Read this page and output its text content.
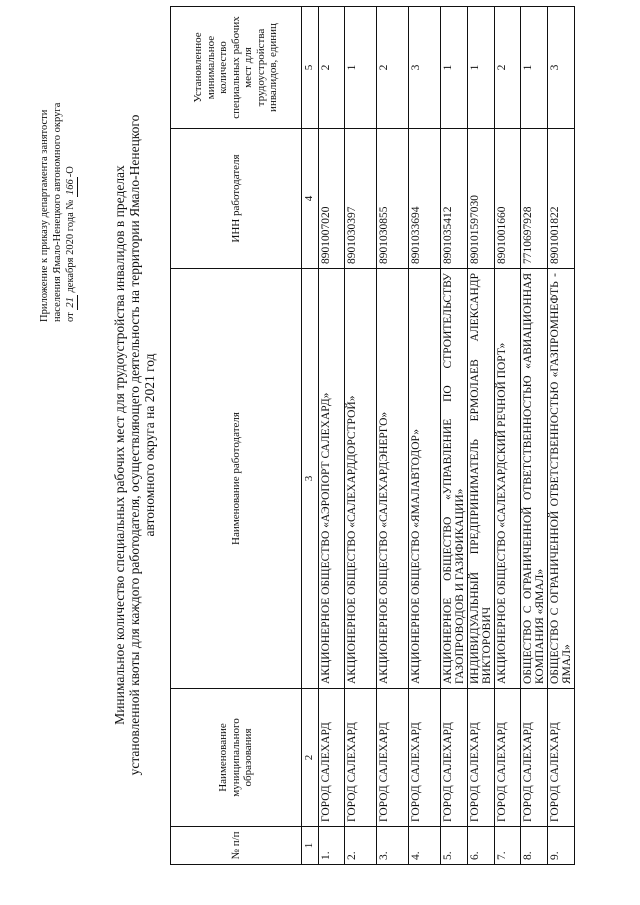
Приложение к приказу департамента занятости населения Ямало-Ненецкого автономного округа от 21 декабря 2020 года № 166-О	Минимальное количество специальных рабочих мест для трудоустройства инвалидов в пределах установленной квоты для каждого работодателя, осуществляющего деятельность на территории Ямало-Ненецкого автономного округа на 2021 год
№ п/п	Наименование муниципального образования	Наименование работодателя	ИНН работодателя	Установленное минимальное количество специальных рабочих мест для трудоустройства инвалидов, единиц
1	2	3	4	5
1.	ГОРОД САЛЕХАРД	АКЦИОНЕРНОЕ ОБЩЕСТВО «АЭРОПОРТ САЛЕХАРД»	8901007020	2
2.	ГОРОД САЛЕХАРД	АКЦИОНЕРНОЕ ОБЩЕСТВО «САЛЕХАРДДОРСТРОЙ»	8901030397	1
3.	ГОРОД САЛЕХАРД	АКЦИОНЕРНОЕ ОБЩЕСТВО «САЛЕХАРДЭНЕРГО»	8901030855	2
4.	ГОРОД САЛЕХАРД	АКЦИОНЕРНОЕ ОБЩЕСТВО «ЯМАЛАВТОДОР»	8901033694	3
5.	ГОРОД САЛЕХАРД	АКЦИОНЕРНОЕ ОБЩЕСТВО «УПРАВЛЕНИЕ ПО СТРОИТЕЛЬСТВУ ГАЗОПРОВОДОВ И ГАЗИФИКАЦИИ»	8901035412	1
6.	ГОРОД САЛЕХАРД	ИНДИВИДУАЛЬНЫЙ ПРЕДПРИНИМАТЕЛЬ ЕРМОЛАЕВ АЛЕКСАНДР ВИКТОРОВИЧ	890101597030	1
7.	ГОРОД САЛЕХАРД	АКЦИОНЕРНОЕ ОБЩЕСТВО «САЛЕХАРДСКИЙ РЕЧНОЙ ПОРТ»	8901001660	2
8.	ГОРОД САЛЕХАРД	ОБЩЕСТВО С ОГРАНИЧЕННОЙ ОТВЕТСТВЕННОСТЬЮ «АВИАЦИОННАЯ КОМПАНИЯ «ЯМАЛ»	7710697928	1
9.	ГОРОД САЛЕХАРД	ОБЩЕСТВО С ОГРАНИЧЕННОЙ ОТВЕТСТВЕННОСТЬЮ «ГАЗПРОМНЕФТЬ - ЯМАЛ»	8901001822	3
